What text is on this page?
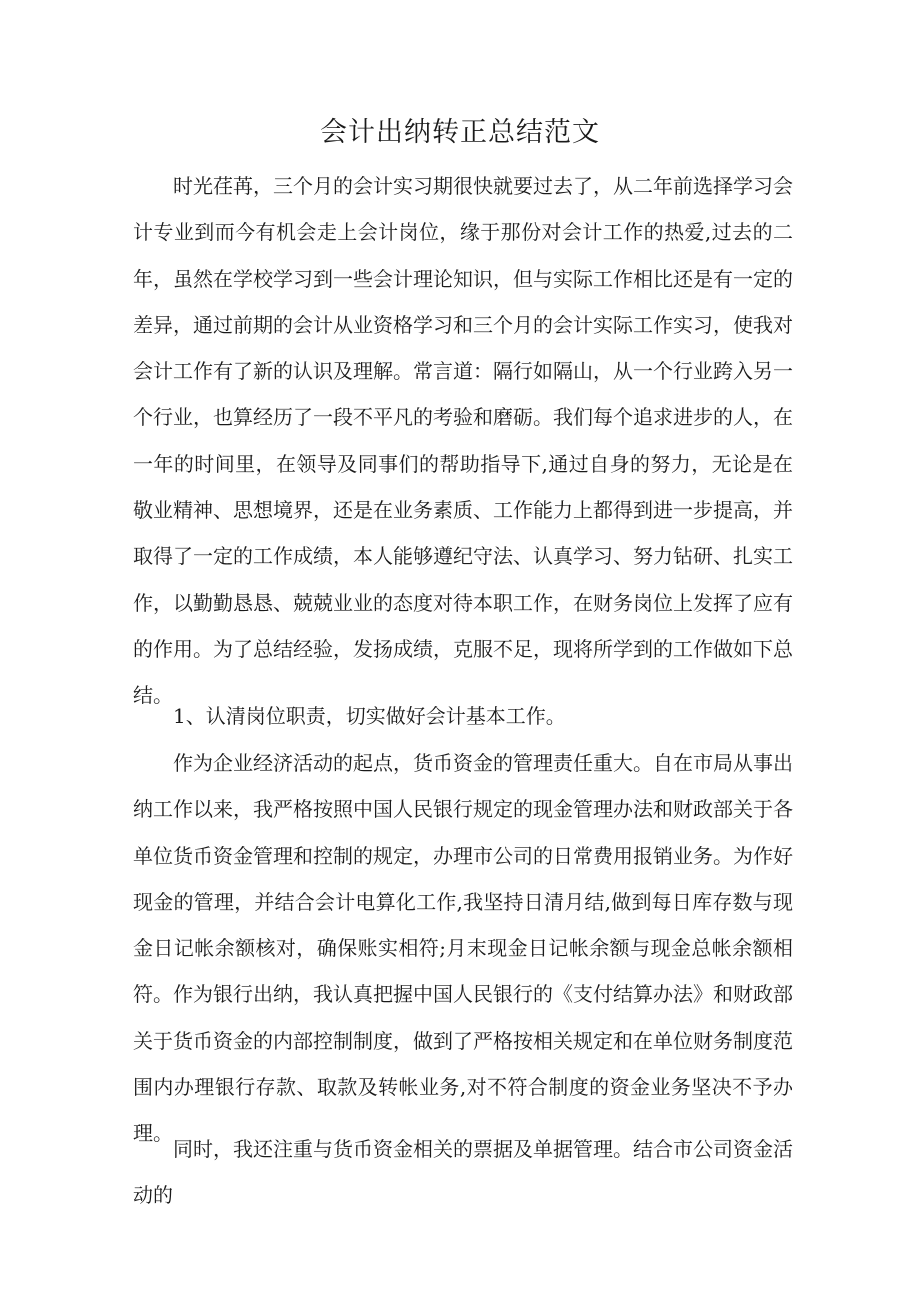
会计出纳转正总结范文

时光荏苒，三个月的会计实习期很快就要过去了，从二年前选择学习会计专业到而今有机会走上会计岗位，缘于那份对会计工作的热爱,过去的二年，虽然在学校学习到一些会计理论知识，但与实际工作相比还是有一定的差异，通过前期的会计从业资格学习和三个月的会计实际工作实习，使我对会计工作有了新的认识及理解。常言道：隔行如隔山，从一个行业跨入另一个行业，也算经历了一段不平凡的考验和磨砺。我们每个追求进步的人，在一年的时间里，在领导及同事们的帮助指导下,通过自身的努力，无论是在敬业精神、思想境界，还是在业务素质、工作能力上都得到进一步提高，并取得了一定的工作成绩，本人能够遵纪守法、认真学习、努力钻研、扎实工作，以勤勤恳恳、兢兢业业的态度对待本职工作，在财务岗位上发挥了应有的作用。为了总结经验，发扬成绩，克服不足，现将所学到的工作做如下总结。

1、认清岗位职责，切实做好会计基本工作。

作为企业经济活动的起点，货币资金的管理责任重大。自在市局从事出纳工作以来，我严格按照中国人民银行规定的现金管理办法和财政部关于各单位货币资金管理和控制的规定，办理市公司的日常费用报销业务。为作好现金的管理，并结合会计电算化工作,我坚持日清月结,做到每日库存数与现金日记帐余额核对，确保账实相符;月末现金日记帐余额与现金总帐余额相符。作为银行出纳，我认真把握中国人民银行的《支付结算办法》和财政部关于货币资金的内部控制制度，做到了严格按相关规定和在单位财务制度范围内办理银行存款、取款及转帐业务,对不符合制度的资金业务坚决不予办理。

同时，我还注重与货币资金相关的票据及单据管理。结合市公司资金活动的
